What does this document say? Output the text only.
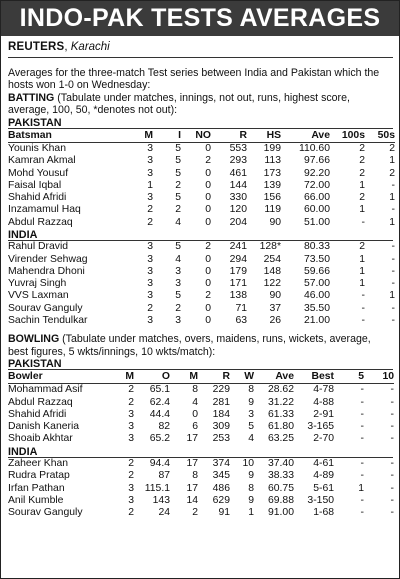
INDO-PAK TESTS AVERAGES
REUTERS, Karachi
Averages for the three-match Test series between India and Pakistan which the hosts won 1-0 on Wednesday:
BATTING (Tabulate under matches, innings, not out, runs, highest score, average, 100, 50, *denotes not out):
PAKISTAN
Batsman	M	I	NO	R	HS	Ave	100s	50s
Younis Khan	3	5	0	553	199	110.60	2	2
Kamran Akmal	3	5	2	293	113	97.66	2	1
Mohd Yousuf	3	5	0	461	173	92.20	2	2
Faisal Iqbal	1	2	0	144	139	72.00	1	-
Shahid Afridi	3	5	0	330	156	66.00	2	1
Inzamamul Haq	2	2	0	120	119	60.00	1	-
Abdul Razzaq	2	4	0	204	90	51.00	-	1
INDIA
Rahul Dravid	3	5	2	241	128*	80.33	2	-
Virender Sehwag	3	4	0	294	254	73.50	1	-
Mahendra Dhoni	3	3	0	179	148	59.66	1	-
Yuvraj Singh	3	3	0	171	122	57.00	1	-
VVS Laxman	3	5	2	138	90	46.00	-	1
Sourav Ganguly	2	2	0	71	37	35.50	-	-
Sachin Tendulkar	3	3	0	63	26	21.00	-	-
BOWLING (Tabulate under matches, overs, maidens, runs, wickets, average, best figures, 5 wkts/innings, 10 wkts/match):
PAKISTAN
Bowler	M	O	M	R	W	Ave	Best	5	10
Mohammad Asif	2	65.1	8	229	8	28.62	4-78	-	-
Abdul Razzaq	2	62.4	4	281	9	31.22	4-88	-	-
Shahid Afridi	3	44.4	0	184	3	61.33	2-91	-	-
Danish Kaneria	3	82	6	309	5	61.80	3-165	-	-
Shoaib Akhtar	3	65.2	17	253	4	63.25	2-70	-	-
INDIA
Zaheer Khan	2	94.4	17	374	10	37.40	4-61	-	-
Rudra Pratap	2	87	8	345	9	38.33	4-89	-	-
Irfan Pathan	3	115.1	17	486	8	60.75	5-61	1	-
Anil Kumble	3	143	14	629	9	69.88	3-150	-	-
Sourav Ganguly	2	24	2	91	1	91.00	1-68	-	-
